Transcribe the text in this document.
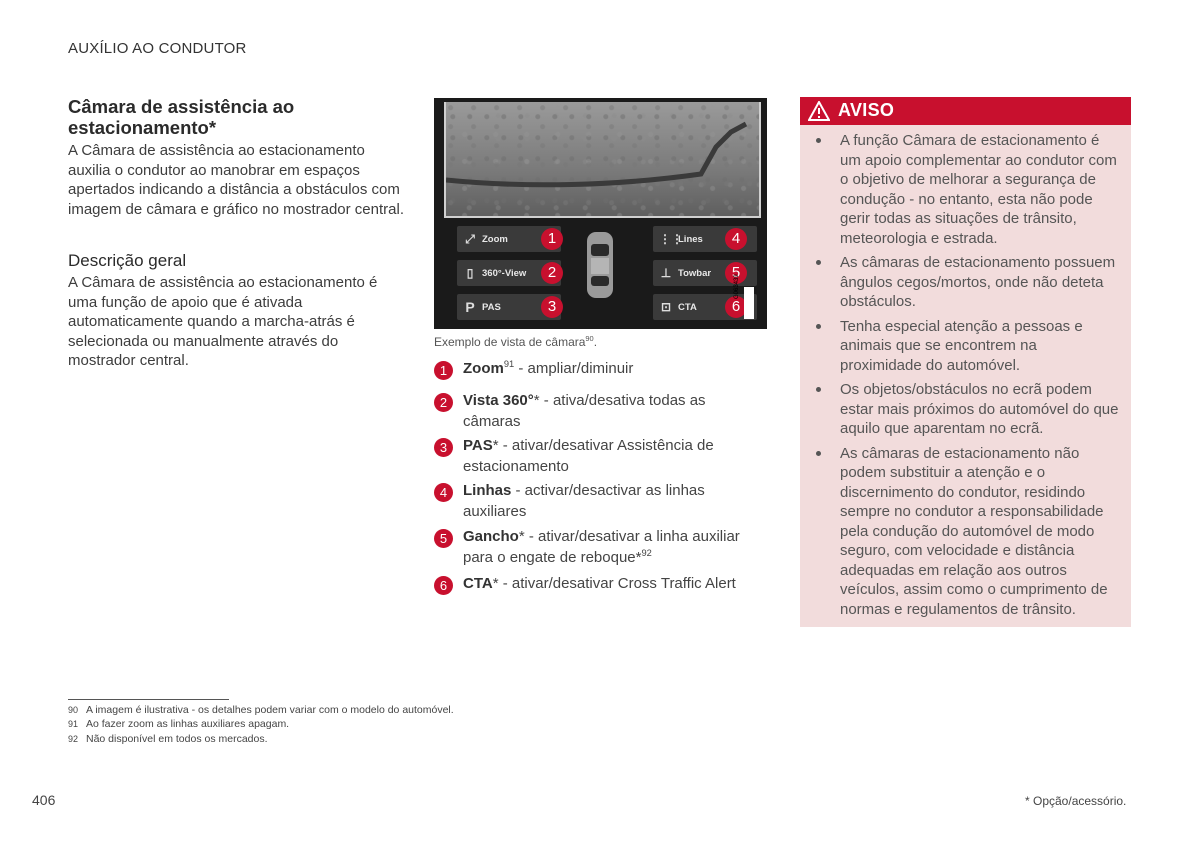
AUXÍLIO AO CONDUTOR
Câmara de assistência ao estacionamento*
A Câmara de assistência ao estacionamento auxilia o condutor ao manobrar em espaços apertados indicando a distância a obstáculos com imagem de câmara e gráfico no mostrador central.
Descrição geral
A Câmara de assistência ao estacionamento é uma função de apoio que é ativada automaticamente quando a marcha-atrás é selecionada ou manualmente através do mostrador central.
⤢ Zoom	1
▯ 360°-View	2
P PAS	3
⋮⋮
Lines	4
⊥ Towbar	5
⊡ CTA	6
Exemplo de vista de câmara$^{90}$.
1	Zoom$^{91}$ - ampliar/diminuir
2	Vista 360°* - ativa/desativa todas as câmaras
3	PAS* - ativar/desativar Assistência de estacionamento
4	Linhas - activar/desactivar as linhas auxiliares
5	Gancho* - ativar/desativar a linha auxiliar para o engate de reboque*$^{92}$
6	CTA* - ativar/desativar Cross Traffic Alert
AVISO
A função Câmara de estacionamento é um apoio complementar ao condutor com o objetivo de melhorar a segurança de condução - no entanto, esta não pode gerir todas as situações de trânsito, meteorologia e estrada.
As câmaras de estacionamento possuem ângulos cegos/mortos, onde não deteta obstáculos.
Tenha especial atenção a pessoas e animais que se encontrem na proximidade do automóvel.
Os objetos/obstáculos no ecrã podem estar mais próximos do automóvel do que aquilo que aparentam no ecrã.
As câmaras de estacionamento não podem substituir a atenção e o discernimento do condutor, residindo sempre no condutor a responsabilidade pela condução do automóvel de modo seguro, com velocidade e distância adequadas em relação aos outros veículos, assim como o cumprimento de normas e regulamentos de trânsito.
90 A imagem é ilustrativa - os detalhes podem variar com o modelo do automóvel.
91 Ao fazer zoom as linhas auxiliares apagam.
92 Não disponível em todos os mercados.
406	* Opção/acessório.
